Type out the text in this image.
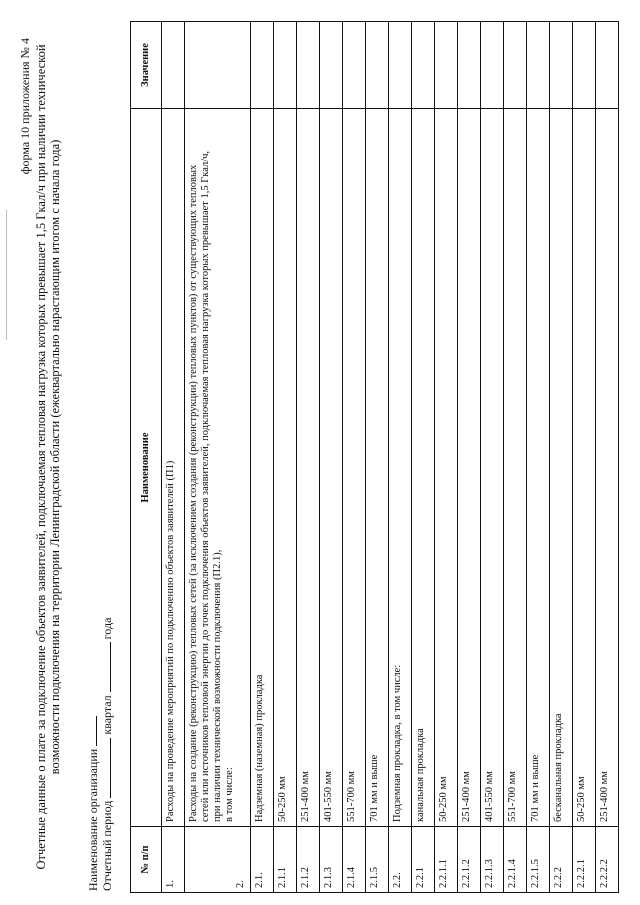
форма 10 приложения № 4 Отчетные данные о плате за подключение объектов заявителей, подключаемая тепловая нагрузка которых превышает 1,5 Гкал/ч при наличии технической возможности подключения на территории Ленинградской области (ежеквартально нарастающим итогом с начала года)
Наименование организации Отчетный период  квартал  года
№ п/п	Наименование	Значение
1.	Расходы на проведение мероприятий по подключению объектов заявителей (П1)	
2.	Расходы на создание (реконструкцию) тепловых сетей (за исключением создания (реконструкции) тепловых пунктов) от существующих тепловых сетей или источников тепловой энергии до точек подключения объектов заявителей, подключаемая тепловая нагрузка которых превышает 1,5 Гкал/ч, при наличии технической возможности подключения (П2.1), в том числе:	

2.1.	Надземная (наземная) прокладка	
2.1.1	50-250 мм	
2.1.2	251-400 мм	
2.1.3	401-550 мм	
2.1.4	551-700 мм	
2.1.5	701 мм и выше	
2.2.	Подземная прокладка, в том числе:	
2.2.1	канальная прокладка	
2.2.1.1	50-250 мм	
2.2.1.2	251-400 мм	
2.2.1.3	401-550 мм	
2.2.1.4	551-700 мм	
2.2.1.5	701 мм и выше	
2.2.2	бесканальная прокладка	
2.2.2.1	50-250 мм	
2.2.2.2	251-400 мм	
